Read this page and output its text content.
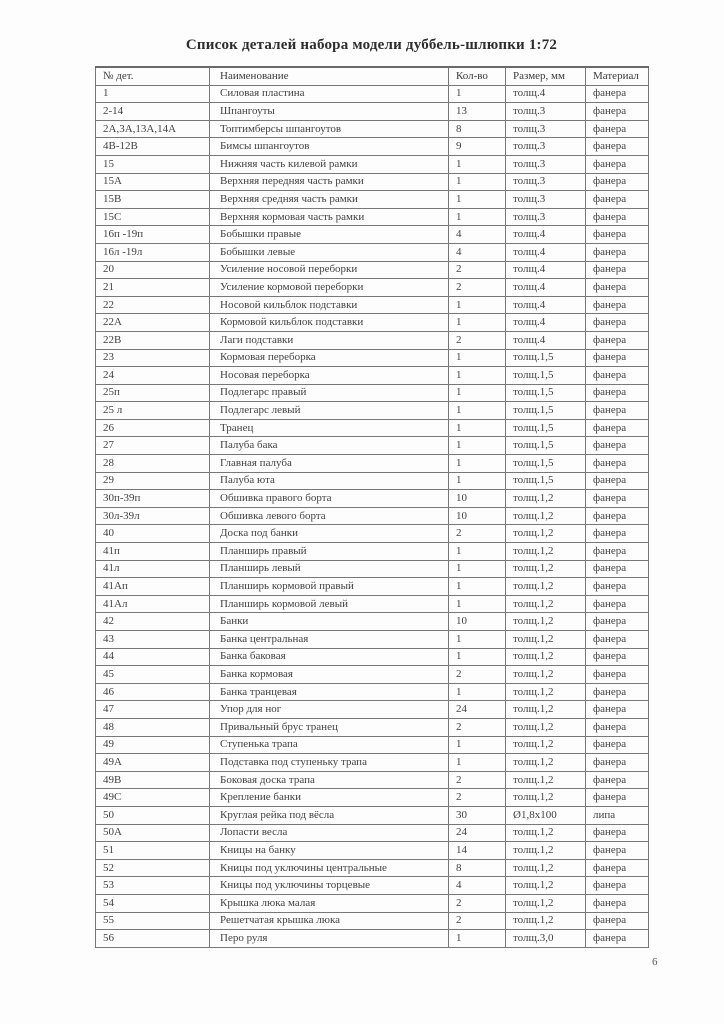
Список деталей набора модели дуббель-шлюпки 1:72
№ дет.	Наименование	Кол-во	Размер, мм	Материал
1	Силовая пластина	1	толщ.4	фанера
2-14	Шпангоуты	13	толщ.3	фанера
2А,3А,13А,14А	Топтимберсы шпангоутов	8	толщ.3	фанера
4В-12В	Бимсы шпангоутов	9	толщ.3	фанера
15	Нижняя часть килевой рамки	1	толщ.3	фанера
15А	Верхняя передняя часть рамки	1	толщ.3	фанера
15В	Верхняя средняя часть рамки	1	толщ.3	фанера
15С	Верхняя кормовая часть рамки	1	толщ.3	фанера
16п -19п	Бобышки правые	4	толщ.4	фанера
16л -19л	Бобышки левые	4	толщ.4	фанера
20	Усиление носовой переборки	2	толщ.4	фанера
21	Усиление кормовой переборки	2	толщ.4	фанера
22	Носовой кильблок подставки	1	толщ.4	фанера
22А	Кормовой кильблок подставки	1	толщ.4	фанера
22В	Лаги подставки	2	толщ.4	фанера
23	Кормовая переборка	1	толщ.1,5	фанера
24	Носовая переборка	1	толщ.1,5	фанера
25п	Подлегарс правый	1	толщ.1,5	фанера
25 л	Подлегарс левый	1	толщ.1,5	фанера
26	Транец	1	толщ.1,5	фанера
27	Палуба бака	1	толщ.1,5	фанера
28	Главная палуба	1	толщ.1,5	фанера
29	Палуба юта	1	толщ.1,5	фанера
30п-39п	Обшивка правого борта	10	толщ.1,2	фанера
30л-39л	Обшивка левого борта	10	толщ.1,2	фанера
40	Доска под банки	2	толщ.1,2	фанера
41п	Планширь правый	1	толщ.1,2	фанера
41л	Планширь левый	1	толщ.1,2	фанера
41Ап	Планширь кормовой правый	1	толщ.1,2	фанера
41Ал	Планширь кормовой левый	1	толщ.1,2	фанера
42	Банки	10	толщ.1,2	фанера
43	Банка центральная	1	толщ.1,2	фанера
44	Банка баковая	1	толщ.1,2	фанера
45	Банка кормовая	2	толщ.1,2	фанера
46	Банка транцевая	1	толщ.1,2	фанера
47	Упор для ног	24	толщ.1,2	фанера
48	Привальный брус транец	2	толщ.1,2	фанера
49	Ступенька трапа	1	толщ.1,2	фанера
49А	Подставка под ступеньку трапа	1	толщ.1,2	фанера
49В	Боковая доска трапа	2	толщ.1,2	фанера
49С	Крепление банки	2	толщ.1,2	фанера
50	Круглая рейка под вёсла	30	Ø1,8х100	липа
50А	Лопасти весла	24	толщ.1,2	фанера
51	Кницы на банку	14	толщ.1,2	фанера
52	Кницы под уключины центральные	8	толщ.1,2	фанера
53	Кницы под уключины торцевые	4	толщ.1,2	фанера
54	Крышка люка малая	2	толщ.1,2	фанера
55	Решетчатая крышка люка	2	толщ.1,2	фанера
56	Перо руля	1	толщ.3,0	фанера
6
